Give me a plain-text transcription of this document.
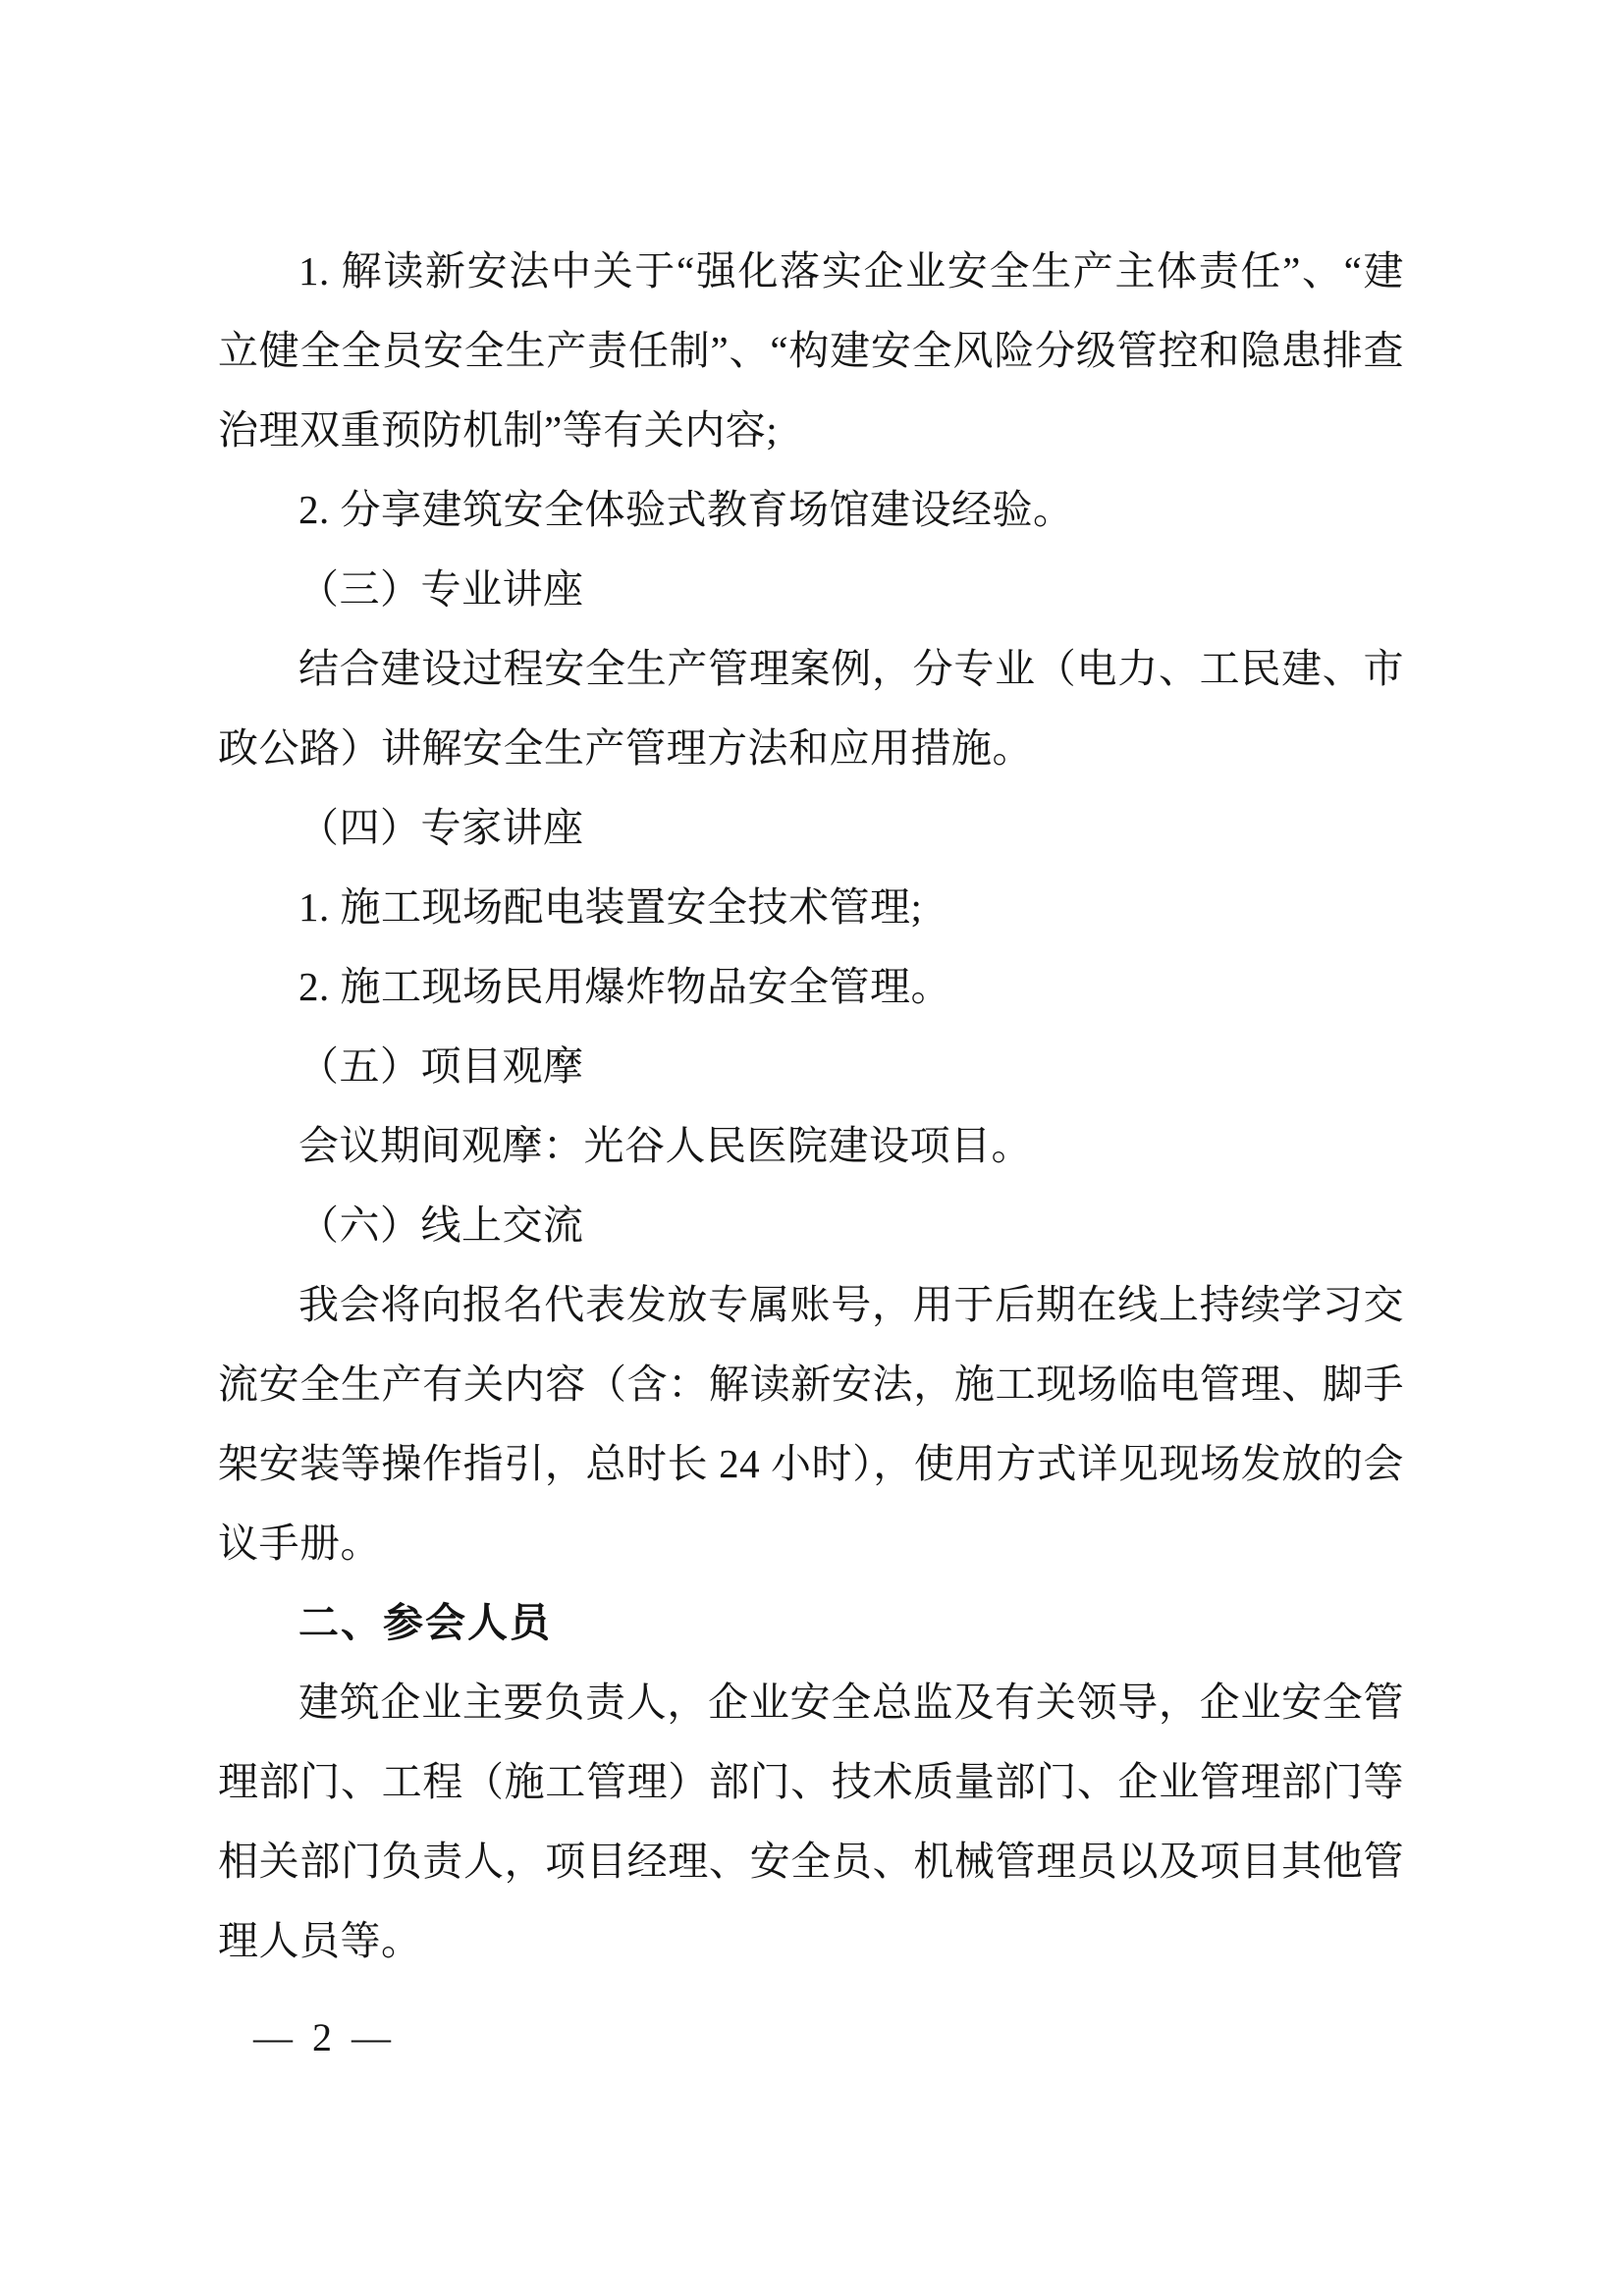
1. 解读新安法中关于“强化落实企业安全生产主体责任”、“建
立健全全员安全生产责任制”、“构建安全风险分级管控和隐患排查
治理双重预防机制”等有关内容;
2. 分享建筑安全体验式教育场馆建设经验。
（三）专业讲座
结合建设过程安全生产管理案例，分专业（电力、工民建、市
政公路）讲解安全生产管理方法和应用措施。
（四）专家讲座
1. 施工现场配电装置安全技术管理;
2. 施工现场民用爆炸物品安全管理。
（五）项目观摩
会议期间观摩：光谷人民医院建设项目。
（六）线上交流
我会将向报名代表发放专属账号，用于后期在线上持续学习交
流安全生产有关内容（含：解读新安法，施工现场临电管理、脚手
架安装等操作指引，总时长 24 小时），使用方式详见现场发放的会
议手册。
二、参会人员
建筑企业主要负责人，企业安全总监及有关领导，企业安全管
理部门、工程（施工管理）部门、技术质量部门、企业管理部门等
相关部门负责人，项目经理、安全员、机械管理员以及项目其他管
理人员等。
— 2 —
